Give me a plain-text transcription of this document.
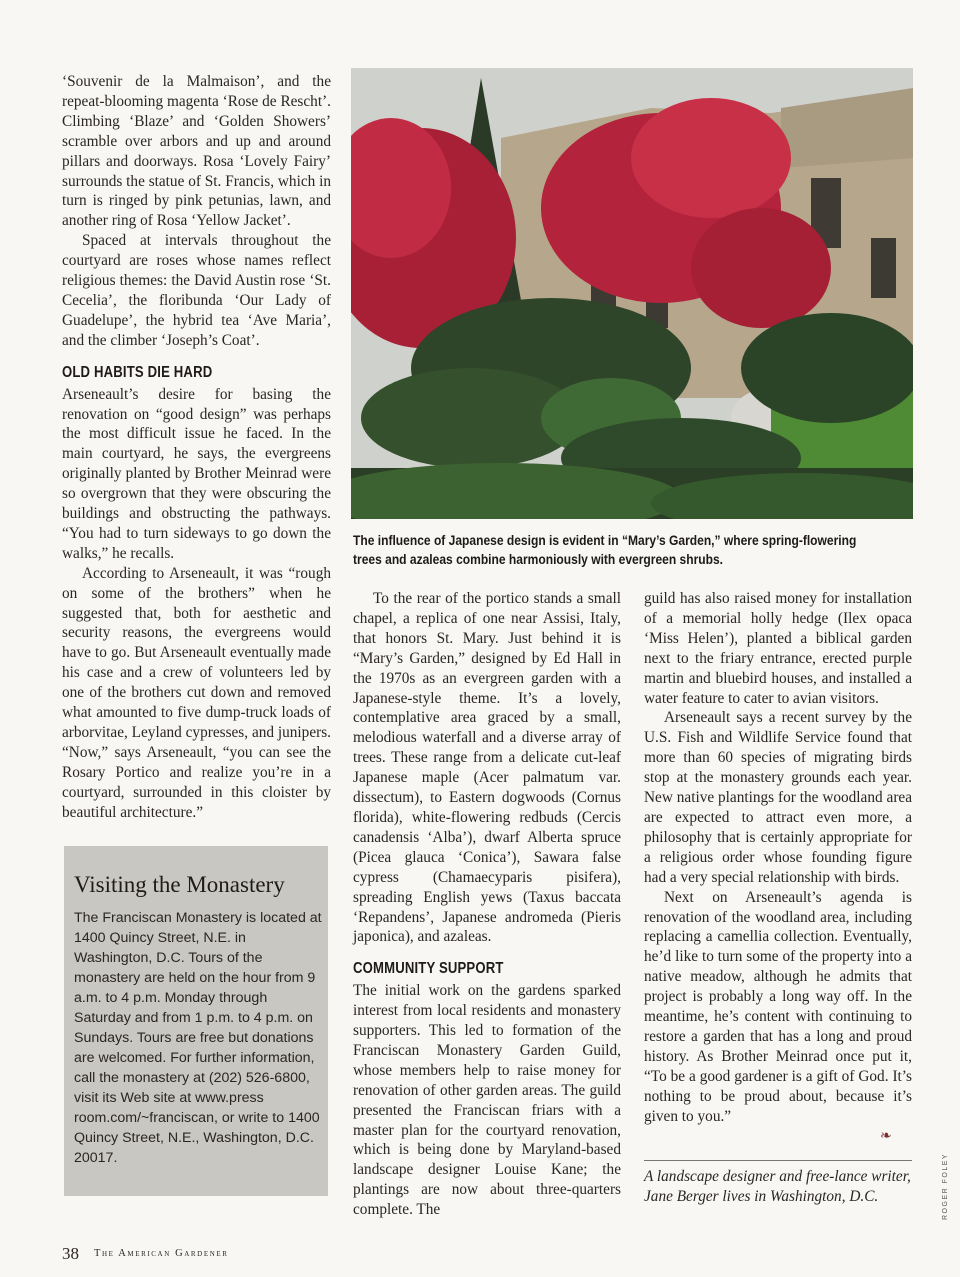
‘Souvenir de la Malmaison’, and the repeat-blooming magenta ‘Rose de Rescht’. Climbing ‘Blaze’ and ‘Golden Showers’ scramble over arbors and up and around pillars and doorways. Rosa ‘Lovely Fairy’ surrounds the statue of St. Francis, which in turn is ringed by pink petunias, lawn, and another ring of Rosa ‘Yellow Jacket’.

Spaced at intervals throughout the courtyard are roses whose names reflect religious themes: the David Austin rose ‘St. Cecelia’, the floribunda ‘Our Lady of Guadelupe’, the hybrid tea ‘Ave Maria’, and the climber ‘Joseph’s Coat’.

OLD HABITS DIE HARD

Arseneault’s desire for basing the renovation on “good design” was perhaps the most difficult issue he faced. In the main courtyard, he says, the evergreens originally planted by Brother Meinrad were so overgrown that they were obscuring the buildings and obstructing the pathways. “You had to turn sideways to go down the walks,” he recalls.

According to Arseneault, it was “rough on some of the brothers” when he suggested that, both for aesthetic and security reasons, the evergreens would have to go. But Arseneault eventually made his case and a crew of volunteers led by one of the brothers cut down and removed what amounted to five dump-truck loads of arborvitae, Leyland cypresses, and junipers. “Now,” says Arseneault, “you can see the Rosary Portico and realize you’re in a courtyard, surrounded in this cloister by beautiful architecture.”

The influence of Japanese design is evident in “Mary’s Garden,” where spring-flowering trees and azaleas combine harmoniously with evergreen shrubs.
Visiting the Monastery
The Franciscan Monastery is located at 1400 Quincy Street, N.E. in Washington, D.C. Tours of the monastery are held on the hour from 9 a.m. to 4 p.m. Monday through Saturday and from 1 p.m. to 4 p.m. on Sundays. Tours are free but donations are welcomed. For further information, call the monastery at (202) 526-6800, visit its Web site at www.press room.com/~franciscan, or write to 1400 Quincy Street, N.E., Washington, D.C. 20017.

To the rear of the portico stands a small chapel, a replica of one near Assisi, Italy, that honors St. Mary. Just behind it is “Mary’s Garden,” designed by Ed Hall in the 1970s as an evergreen garden with a Japanese-style theme. It’s a lovely, contemplative area graced by a small, melodious waterfall and a diverse array of trees. These range from a delicate cut-leaf Japanese maple (Acer palmatum var. dissectum), to Eastern dogwoods (Cornus florida), white-flowering redbuds (Cercis canadensis ‘Alba’), dwarf Alberta spruce (Picea glauca ‘Conica’), Sawara false cypress (Chamaecyparis pisifera), spreading English yews (Taxus baccata ‘Repandens’, Japanese andromeda (Pieris japonica), and azaleas.

COMMUNITY SUPPORT

The initial work on the gardens sparked interest from local residents and monastery supporters. This led to formation of the Franciscan Monastery Garden Guild, whose members help to raise money for renovation of other garden areas. The guild presented the Franciscan friars with a master plan for the courtyard renovation, which is being done by Maryland-based landscape designer Louise Kane; the plantings are now about three-quarters complete. The

guild has also raised money for installation of a memorial holly hedge (Ilex opaca ‘Miss Helen’), planted a biblical garden next to the friary entrance, erected purple martin and bluebird houses, and installed a water feature to cater to avian visitors.

Arseneault says a recent survey by the U.S. Fish and Wildlife Service found that more than 60 species of migrating birds stop at the monastery grounds each year. New native plantings for the woodland area are expected to attract even more, a philosophy that is certainly appropriate for a religious order whose founding figure had a very special relationship with birds.

Next on Arseneault’s agenda is renovation of the woodland area, including replacing a camellia collection. Eventually, he’d like to turn some of the property into a native meadow, although he admits that project is probably a long way off. In the meantime, he’s content with continuing to restore a garden that has a long and proud history. As Brother Meinrad once put it, “To be a good gardener is a gift of God. It’s nothing to be proud about, because it’s given to you.”

❧
A landscape designer and free-lance writer, Jane Berger lives in Washington, D.C.
38 The American Gardener
ROGER FOLEY
